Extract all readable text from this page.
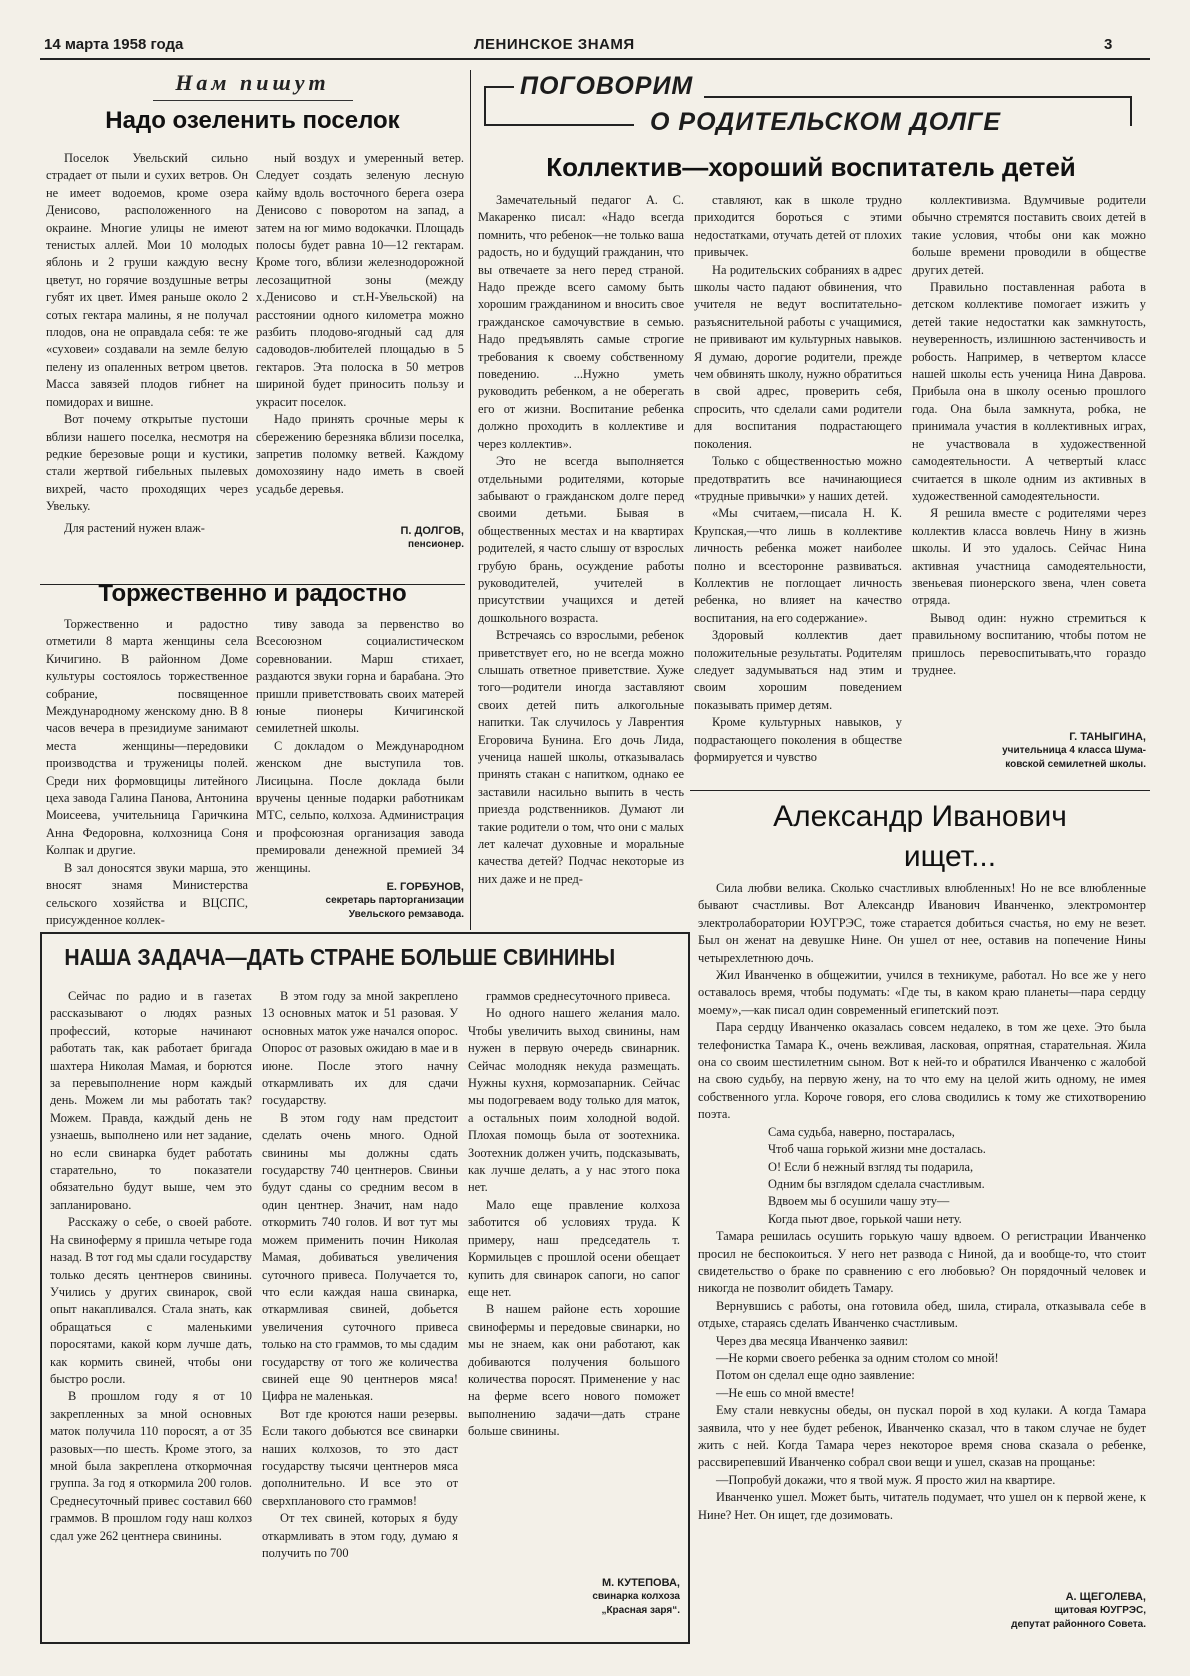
14 марта 1958 года	ЛЕНИНСКОЕ ЗНАМЯ	3
Нам пишут
Надо озеленить поселок

Поселок Увельский сильно страдает от пыли и сухих ветров. Он не имеет водоемов, кроме озера Денисово, расположенного на окраине. Многие улицы не имеют тенистых аллей. Мои 10 молодых яблонь и 2 груши каждую весну цветут, но горячие воздушные ветры губят их цвет. Имея раньше около 2 сотых гектара малины, я не получал плодов, она не оправдала себя: те же «суховеи» создавали на земле белую пелену из опаленных ветром цветов. Масса завязей плодов гибнет на помидорах и вишне.

Вот почему открытые пустоши вблизи нашего поселка, несмотря на редкие березовые рощи и кустики, стали жертвой гибельных пылевых вихрей, часто проходящих через Увельку.

Для растений нужен влаж-

ный воздух и умеренный ветер. Следует создать зеленую лесную кайму вдоль восточного берега озера Денисово с поворотом на запад, а затем на юг мимо водокачки. Площадь полосы будет равна 10—12 гектарам. Кроме того, вблизи железнодорожной лесозащитной зоны (между х.Денисово и ст.Н-Увельской) на расстоянии одного километра можно разбить плодово-ягодный сад для садоводов-любителей площадью в 5 гектаров. Эта полоска в 50 метров шириной будет приносить пользу и украсит поселок.

Надо принять срочные меры к сбережению березняка вблизи поселка, запретив поломку ветвей. Каждому домохозяину надо иметь в своей усадьбе деревья.

П. ДОЛГОВ,

пенсионер.

Торжественно и радостно

Торжественно и радостно отметили 8 марта женщины села Кичигино. В районном Доме культуры состоялось торжественное собрание, посвященное Международному женскому дню. В 8 часов вечера в президиуме занимают места женщины—передовики производства и труженицы полей. Среди них формовщицы литейного цеха завода Галина Панова, Антонина Моисеева, учительница Гаричкина Анна Федоровна, колхозница Соня Колпак и другие.

В зал доносятся звуки марша, это вносят знамя Министерства сельского хозяйства и ВЦСПС, присужденное коллек-

тиву завода за первенство во Всесоюзном социалистическом соревновании. Марш стихает, раздаются звуки горна и барабана. Это пришли приветствовать своих матерей юные пионеры Кичигинской семилетней школы.

С докладом о Международном женском дне выступила тов. Лисицына. После доклада были вручены ценные подарки работникам МТС, сельпо, колхоза. Администрация и профсоюзная организация завода премировали денежной премией 34 женщины.

Е. ГОРБУНОВ,

секретарь парторганизации

Увельского ремзавода.

ПОГОВОРИМ
О РОДИТЕЛЬСКОМ ДОЛГЕ
Коллектив—хороший воспитатель детей

Замечательный педагог А. С. Макаренко писал: «Надо всегда помнить, что ребенок—не только ваша радость, но и будущий гражданин, что вы отвечаете за него перед страной. Надо прежде всего самому быть хорошим гражданином и вносить свое гражданское самочувствие в семью. Надо предъявлять самые строгие требования к своему собственному поведению. ...Нужно уметь руководить ребенком, а не оберегать его от жизни. Воспитание ребенка должно проходить в коллективе и через коллектив».

Это не всегда выполняется отдельными родителями, которые забывают о гражданском долге перед своими детьми. Бывая в общественных местах и на квартирах родителей, я часто слышу от взрослых грубую брань, осуждение работы руководителей, учителей в присутствии учащихся и детей дошкольного возраста.

Встречаясь со взрослыми, ребенок приветствует его, но не всегда можно слышать ответное приветствие. Хуже того—родители иногда заставляют своих детей пить алкогольные напитки. Так случилось у Лаврентия Егоровича Бунина. Его дочь Лида, ученица нашей школы, отказывалась принять стакан с напитком, однако ее заставили насильно выпить в честь приезда родственников. Думают ли такие родители о том, что они с малых лет калечат духовные и моральные качества детей? Подчас некоторые из них даже и не пред-

ставляют, как в школе трудно приходится бороться с этими недостатками, отучать детей от плохих привычек.

На родительских собраниях в адрес школы часто падают обвинения, что учителя не ведут воспитательно-разъяснительной работы с учащимися, не прививают им культурных навыков. Я думаю, дорогие родители, прежде чем обвинять школу, нужно обратиться в свой адрес, проверить себя, спросить, что сделали сами родители для воспитания подрастающего поколения.

Только с общественностью можно предотвратить все начинающиеся «трудные привычки» у наших детей.

«Мы считаем,—писала Н. К. Крупская,—что лишь в коллективе личность ребенка может наиболее полно и всесторонне развиваться. Коллектив не поглощает личность ребенка, но влияет на качество воспитания, на его содержание».

Здоровый коллектив дает положительные результаты. Родителям следует задумываться над этим и своим хорошим поведением показывать пример детям.

Кроме культурных навыков, у подрастающего поколения в обществе формируется и чувство

коллективизма. Вдумчивые родители обычно стремятся поставить своих детей в такие условия, чтобы они как можно больше времени проводили в обществе других детей.

Правильно поставленная работа в детском коллективе помогает изжить у детей такие недостатки как замкнутость, неуверенность, излишнюю застенчивость и робость. Например, в четвертом классе нашей школы есть ученица Нина Даврова. Прибыла она в школу осенью прошлого года. Она была замкнута, робка, не принимала участия в коллективных играх, не участвовала в художественной самодеятельности. А четвертый класс считается в школе одним из активных в художественной самодеятельности.

Я решила вместе с родителями через коллектив класса вовлечь Нину в жизнь школы. И это удалось. Сейчас Нина активная участница самодеятельности, звеньевая пионерского звена, член совета отряда.

Вывод один: нужно стремиться к правильному воспитанию, чтобы потом не пришлось перевоспитывать,что гораздо труднее.

Г. ТАНЫГИНА,

учительница 4 класса Шума-

ковской семилетней школы.

Александр Иванович
ищет...

Сила любви велика. Сколько счастливых влюбленных! Но не все влюбленные бывают счастливы. Вот Александр Иванович Иванченко, электромонтер электролаборатории ЮУГРЭС, тоже старается добиться счастья, но ему не везет. Был он женат на девушке Нине. Он ушел от нее, оставив на попечение Нины четырехлетнюю дочь.

Жил Иванченко в общежитии, учился в техникуме, работал. Но все же у него оставалось время, чтобы подумать: «Где ты, в каком краю планеты—пара сердцу моему»,—как писал один современный египетский поэт.

Пара сердцу Иванченко оказалась совсем недалеко, в том же цехе. Это была телефонистка Тамара К., очень вежливая, ласковая, опрятная, старательная. Жила она со своим шестилетним сыном. Вот к ней-то и обратился Иванченко с жалобой на свою судьбу, на первую жену, на то что ему на целой жить одному, не имея собственного угла. Короче говоря, его слова сводились к тому же стихотворению поэта.

Сама судьба, наверно, постаралась,

Чтоб чаша горькой жизни мне досталась.

О! Если б нежный взгляд ты подарила,

Одним бы взглядом сделала счастливым.

Вдвоем мы б осушили чашу эту—

Когда пьют двое, горькой чаши нету.

Тамара решилась осушить горькую чашу вдвоем. О регистрации Иванченко просил не беспокоиться. У него нет развода с Ниной, да и вообще-то, что стоит свидетельство о браке по сравнению с его любовью? Он порядочный человек и никогда не позволит обидеть Тамару.

Вернувшись с работы, она готовила обед, шила, стирала, отказывала себе в отдыхе, стараясь сделать Иванченко счастливым.

Через два месяца Иванченко заявил:

—Не корми своего ребенка за одним столом со мной!

Потом он сделал еще одно заявление:

—Не ешь со мной вместе!

Ему стали невкусны обеды, он пускал порой в ход кулаки. А когда Тамара заявила, что у нее будет ребенок, Иванченко сказал, что в таком случае не будет жить с ней. Когда Тамара через некоторое время снова сказала о ребенке, рассвирепевший Иванченко собрал свои вещи и ушел, сказав на прощанье:

—Попробуй докажи, что я твой муж. Я просто жил на квартире.

Иванченко ушел. Может быть, читатель подумает, что ушел он к первой жене, к Нине? Нет. Он ищет, где дозимовать.

А. ЩЕГОЛЕВА,

щитовая ЮУГРЭС,

депутат районного Совета.

НАША ЗАДАЧА—ДАТЬ СТРАНЕ БОЛЬШЕ СВИНИНЫ

Сейчас по радио и в газетах рассказывают о людях разных профессий, которые начинают работать так, как работает бригада шахтера Николая Мамая, и борются за перевыполнение норм каждый день. Можем ли мы работать так? Можем. Правда, каждый день не узнаешь, выполнено или нет задание, но если свинарка будет работать старательно, то показатели обязательно будут выше, чем это запланировано.

Расскажу о себе, о своей работе. На свиноферму я пришла четыре года назад. В тот год мы сдали государству только десять центнеров свинины. Учились у других свинарок, свой опыт накапливался. Стала знать, как обращаться с маленькими поросятами, какой корм лучше дать, как кормить свиней, чтобы они быстро росли.

В прошлом году я от 10 закрепленных за мной основных маток получила 110 поросят, а от 35 разовых—по шесть. Кроме этого, за мной была закреплена откормочная группа. За год я откормила 200 голов. Среднесуточный привес составил 660 граммов. В прошлом году наш колхоз сдал уже 262 центнера свинины.

В этом году за мной закреплено 13 основных маток и 51 разовая. У основных маток уже начался опорос. Опорос от разовых ожидаю в мае и в июне. После этого начну откармливать их для сдачи государству.

В этом году нам предстоит сделать очень много. Одной свинины мы должны сдать государству 740 центнеров. Свиньи будут сданы со средним весом в один центнер. Значит, нам надо откормить 740 голов. И вот тут мы можем применить почин Николая Мамая, добиваться увеличения суточного привеса. Получается то, что если каждая наша свинарка, откармливая свиней, добьется увеличения суточного привеса только на сто граммов, то мы сдадим государству от того же количества свиней еще 90 центнеров мяса! Цифра не маленькая.

Вот где кроются наши резервы. Если такого добьются все свинарки наших колхозов, то это даст государству тысячи центнеров мяса дополнительно. И все это от сверхпланового сто граммов!

От тех свиней, которых я буду откармливать в этом году, думаю я получить по 700

граммов среднесуточного привеса.

Но одного нашего желания мало. Чтобы увеличить выход свинины, нам нужен в первую очередь свинарник. Сейчас молодняк некуда размещать. Нужны кухня, кормозапарник. Сейчас мы подогреваем воду только для маток, а остальных поим холодной водой. Плохая помощь была от зоотехника. Зоотехник должен учить, подсказывать, как лучше делать, а у нас этого пока нет.

Мало еще правление колхоза заботится об условиях труда. К примеру, наш председатель т. Кормильцев с прошлой осени обещает купить для свинарок сапоги, но сапог еще нет.

В нашем районе есть хорошие свинофермы и передовые свинарки, но мы не знаем, как они работают, как добиваются получения большого количества поросят. Применение у нас на ферме всего нового поможет выполнению задачи—дать стране больше свинины.

М. КУТЕПОВА,

свинарка колхоза

„Красная заря“.
